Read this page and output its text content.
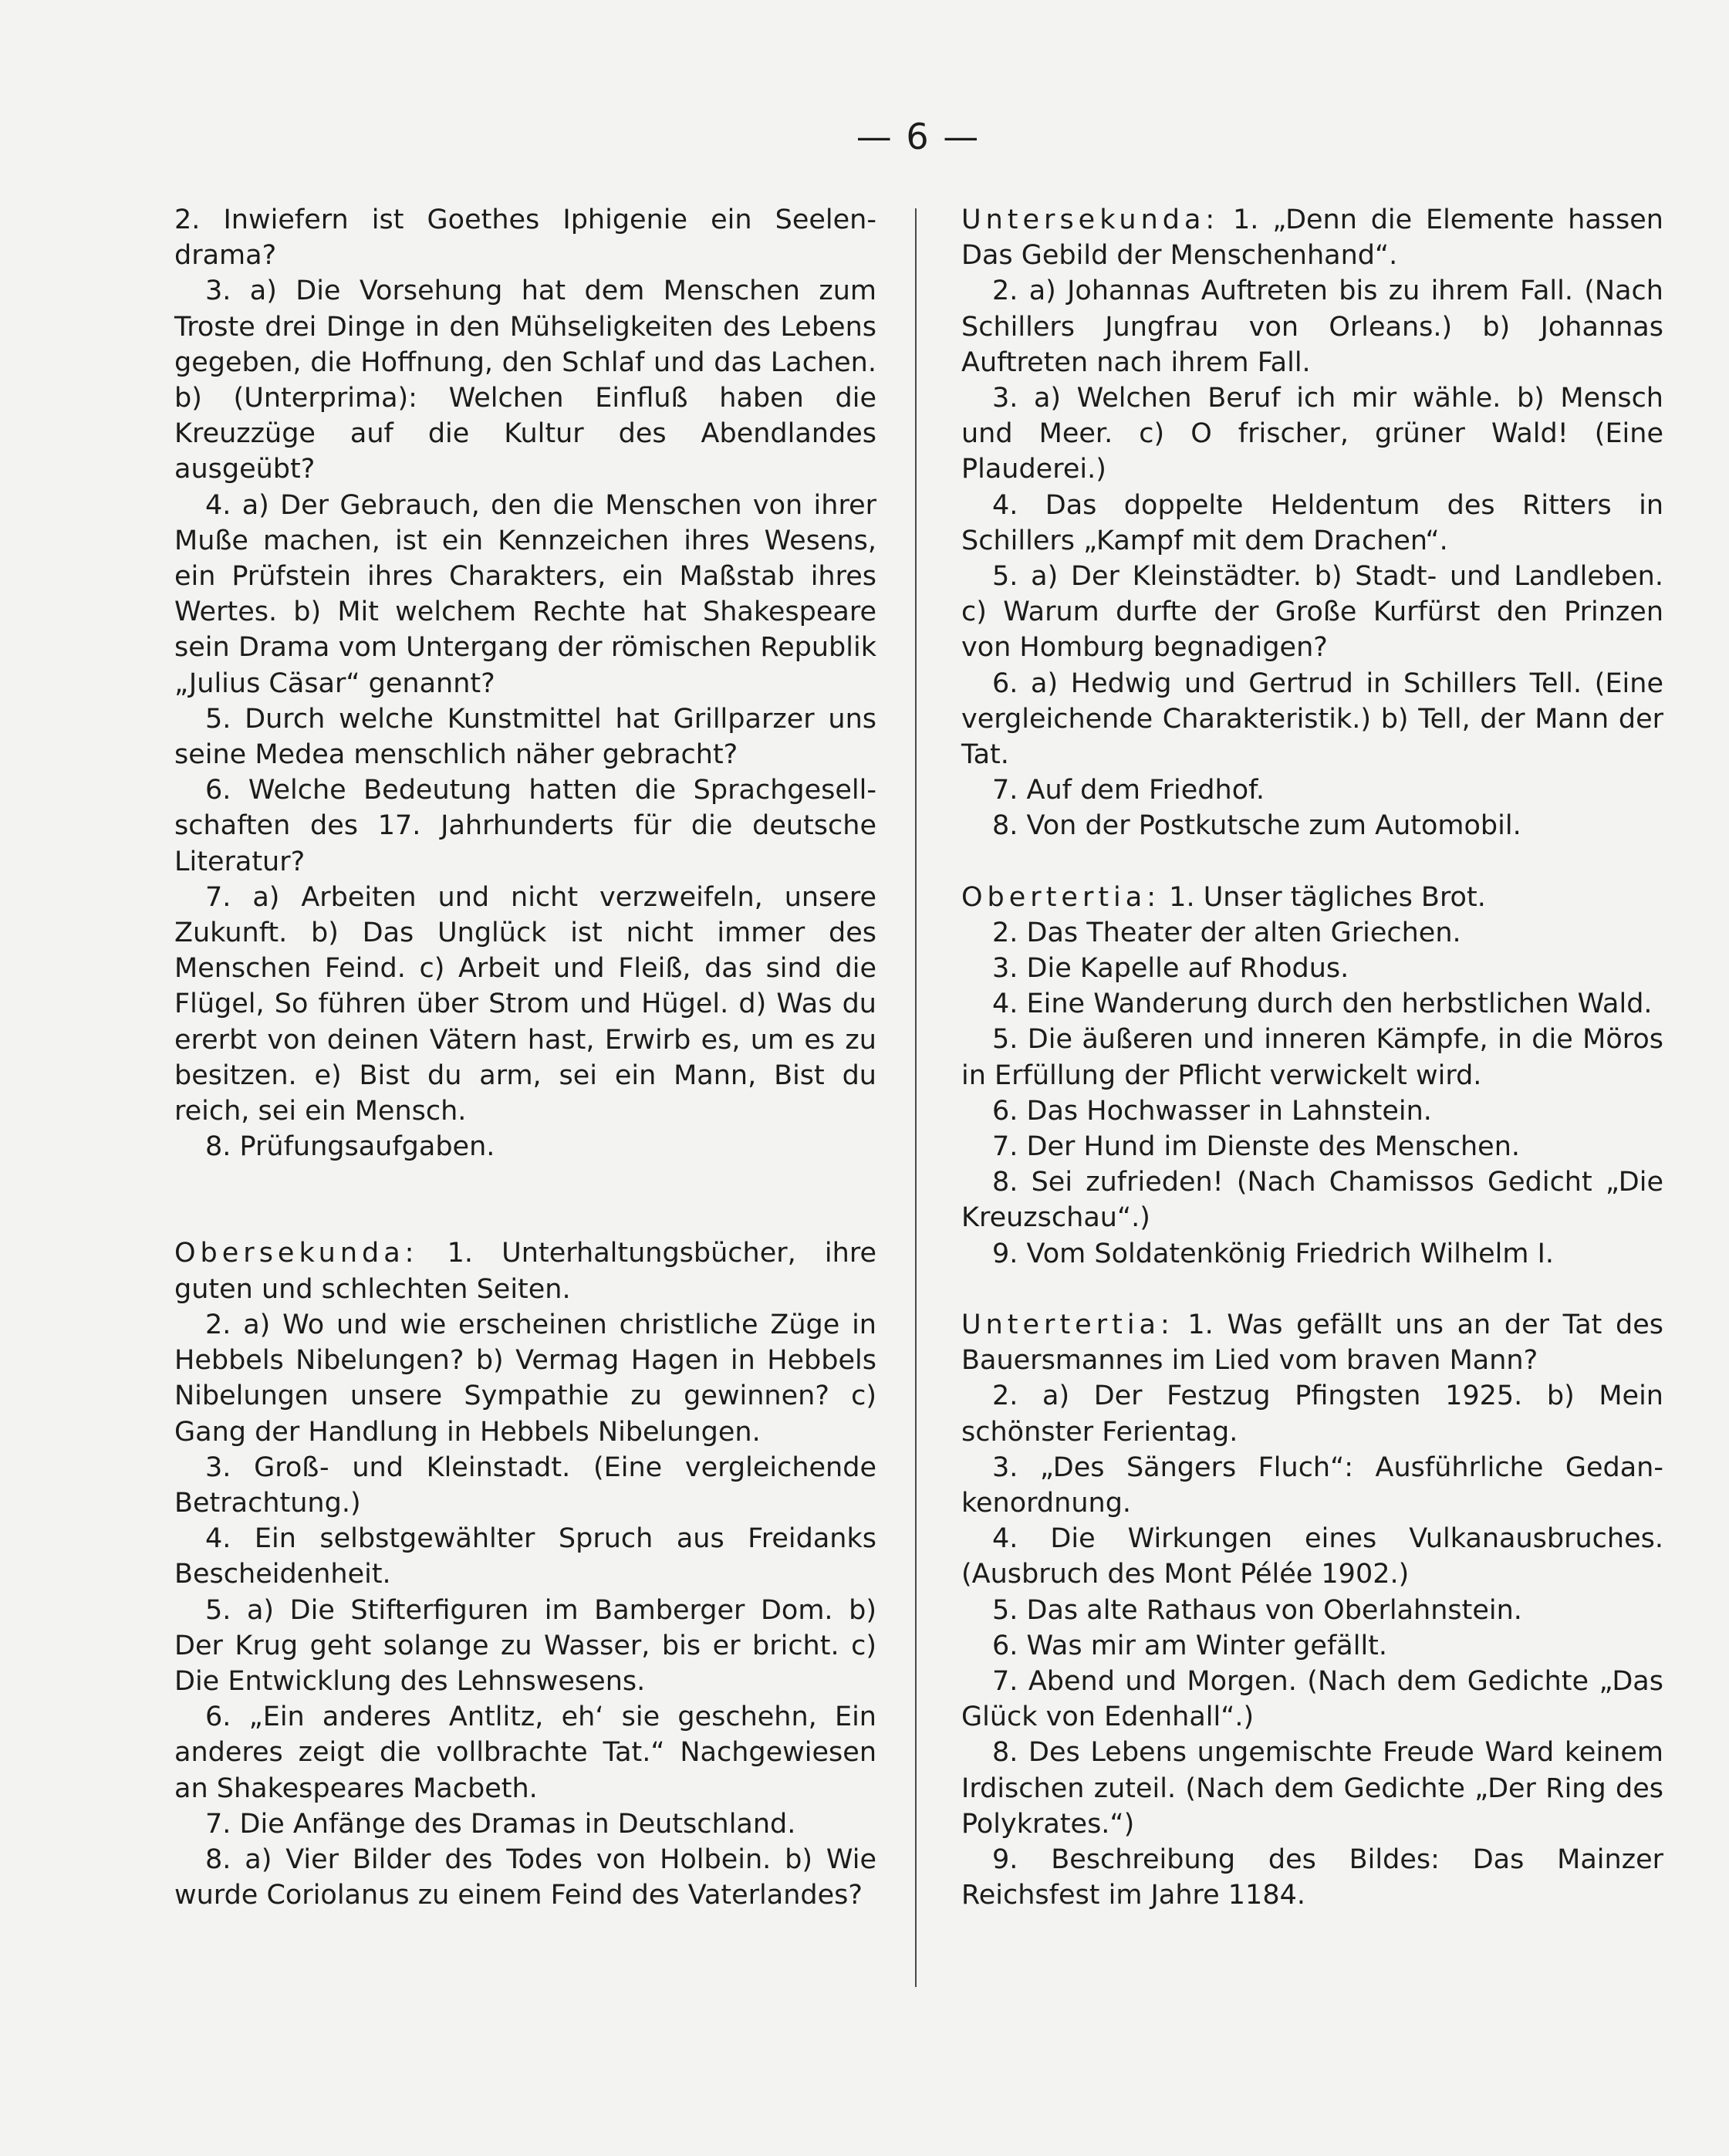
— 6 —

2. Inwiefern ist Goethes Iphigenie ein Seelendrama?

3. a) Die Vorsehung hat dem Menschen zum Troste drei Dinge in den Mühseligkeiten des Lebens gegeben, die Hoffnung, den Schlaf und das Lachen. b) (Unterprima): Welchen Einfluß haben die Kreuzzüge auf die Kultur des Abendlandes ausgeübt?

4. a) Der Gebrauch, den die Menschen von ihrer Muße machen, ist ein Kennzeichen ihres Wesens, ein Prüfstein ihres Charakters, ein Maßstab ihres Wertes. b) Mit welchem Rechte hat Shakespeare sein Drama vom Untergang der römischen Republik „Julius Cäsar“ genannt?

5. Durch welche Kunstmittel hat Grillparzer uns seine Medea menschlich näher gebracht?

6. Welche Bedeutung hatten die Sprachgesellschaften des 17. Jahrhunderts für die deutsche Literatur?

7. a) Arbeiten und nicht verzweifeln, unsere Zukunft. b) Das Unglück ist nicht immer des Menschen Feind. c) Arbeit und Fleiß, das sind die Flügel, So führen über Strom und Hügel. d) Was du ererbt von deinen Vätern hast, Erwirb es, um es zu besitzen. e) Bist du arm, sei ein Mann, Bist du reich, sei ein Mensch.

8. Prüfungsaufgaben.

Obersekunda: 1. Unterhaltungsbücher, ihre guten und schlechten Seiten.

2. a) Wo und wie erscheinen christliche Züge in Hebbels Nibelungen? b) Vermag Hagen in Hebbels Nibelungen unsere Sympathie zu gewinnen? c) Gang der Handlung in Hebbels Nibelungen.

3. Groß- und Kleinstadt. (Eine vergleichende Betrachtung.)

4. Ein selbstgewählter Spruch aus Freidanks Bescheidenheit.

5. a) Die Stifterfiguren im Bamberger Dom. b) Der Krug geht solange zu Wasser, bis er bricht. c) Die Entwicklung des Lehnswesens.

6. „Ein anderes Antlitz, eh‘ sie geschehn, Ein anderes zeigt die vollbrachte Tat.“ Nachgewiesen an Shakespeares Macbeth.

7. Die Anfänge des Dramas in Deutschland.

8. a) Vier Bilder des Todes von Holbein. b) Wie wurde Coriolanus zu einem Feind des Vaterlandes?

Untersekunda: 1. „Denn die Elemente hassen Das Gebild der Menschenhand“.

2. a) Johannas Auftreten bis zu ihrem Fall. (Nach Schillers Jungfrau von Orleans.) b) Johannas Auftreten nach ihrem Fall.

3. a) Welchen Beruf ich mir wähle. b) Mensch und Meer. c) O frischer, grüner Wald! (Eine Plauderei.)

4. Das doppelte Heldentum des Ritters in Schillers „Kampf mit dem Drachen“.

5. a) Der Kleinstädter. b) Stadt- und Landleben. c) Warum durfte der Große Kurfürst den Prinzen von Homburg begnadigen?

6. a) Hedwig und Gertrud in Schillers Tell. (Eine vergleichende Charakteristik.) b) Tell, der Mann der Tat.

7. Auf dem Friedhof.

8. Von der Postkutsche zum Automobil.

Obertertia: 1. Unser tägliches Brot.

2. Das Theater der alten Griechen.

3. Die Kapelle auf Rhodus.

4. Eine Wanderung durch den herbstlichen Wald.

5. Die äußeren und inneren Kämpfe, in die Möros in Erfüllung der Pflicht verwickelt wird.

6. Das Hochwasser in Lahnstein.

7. Der Hund im Dienste des Menschen.

8. Sei zufrieden! (Nach Chamissos Gedicht „Die Kreuzschau“.)

9. Vom Soldatenkönig Friedrich Wilhelm I.

Untertertia: 1. Was gefällt uns an der Tat des Bauersmannes im Lied vom braven Mann?

2. a) Der Festzug Pfingsten 1925. b) Mein schönster Ferientag.

3. „Des Sängers Fluch“: Ausführliche Gedankenordnung.

4. Die Wirkungen eines Vulkanausbruches. (Ausbruch des Mont Pélée 1902.)

5. Das alte Rathaus von Oberlahnstein.

6. Was mir am Winter gefällt.

7. Abend und Morgen. (Nach dem Gedichte „Das Glück von Edenhall“.)

8. Des Lebens ungemischte Freude Ward keinem Irdischen zuteil. (Nach dem Gedichte „Der Ring des Polykrates.“)

9. Beschreibung des Bildes: Das Mainzer Reichsfest im Jahre 1184.
